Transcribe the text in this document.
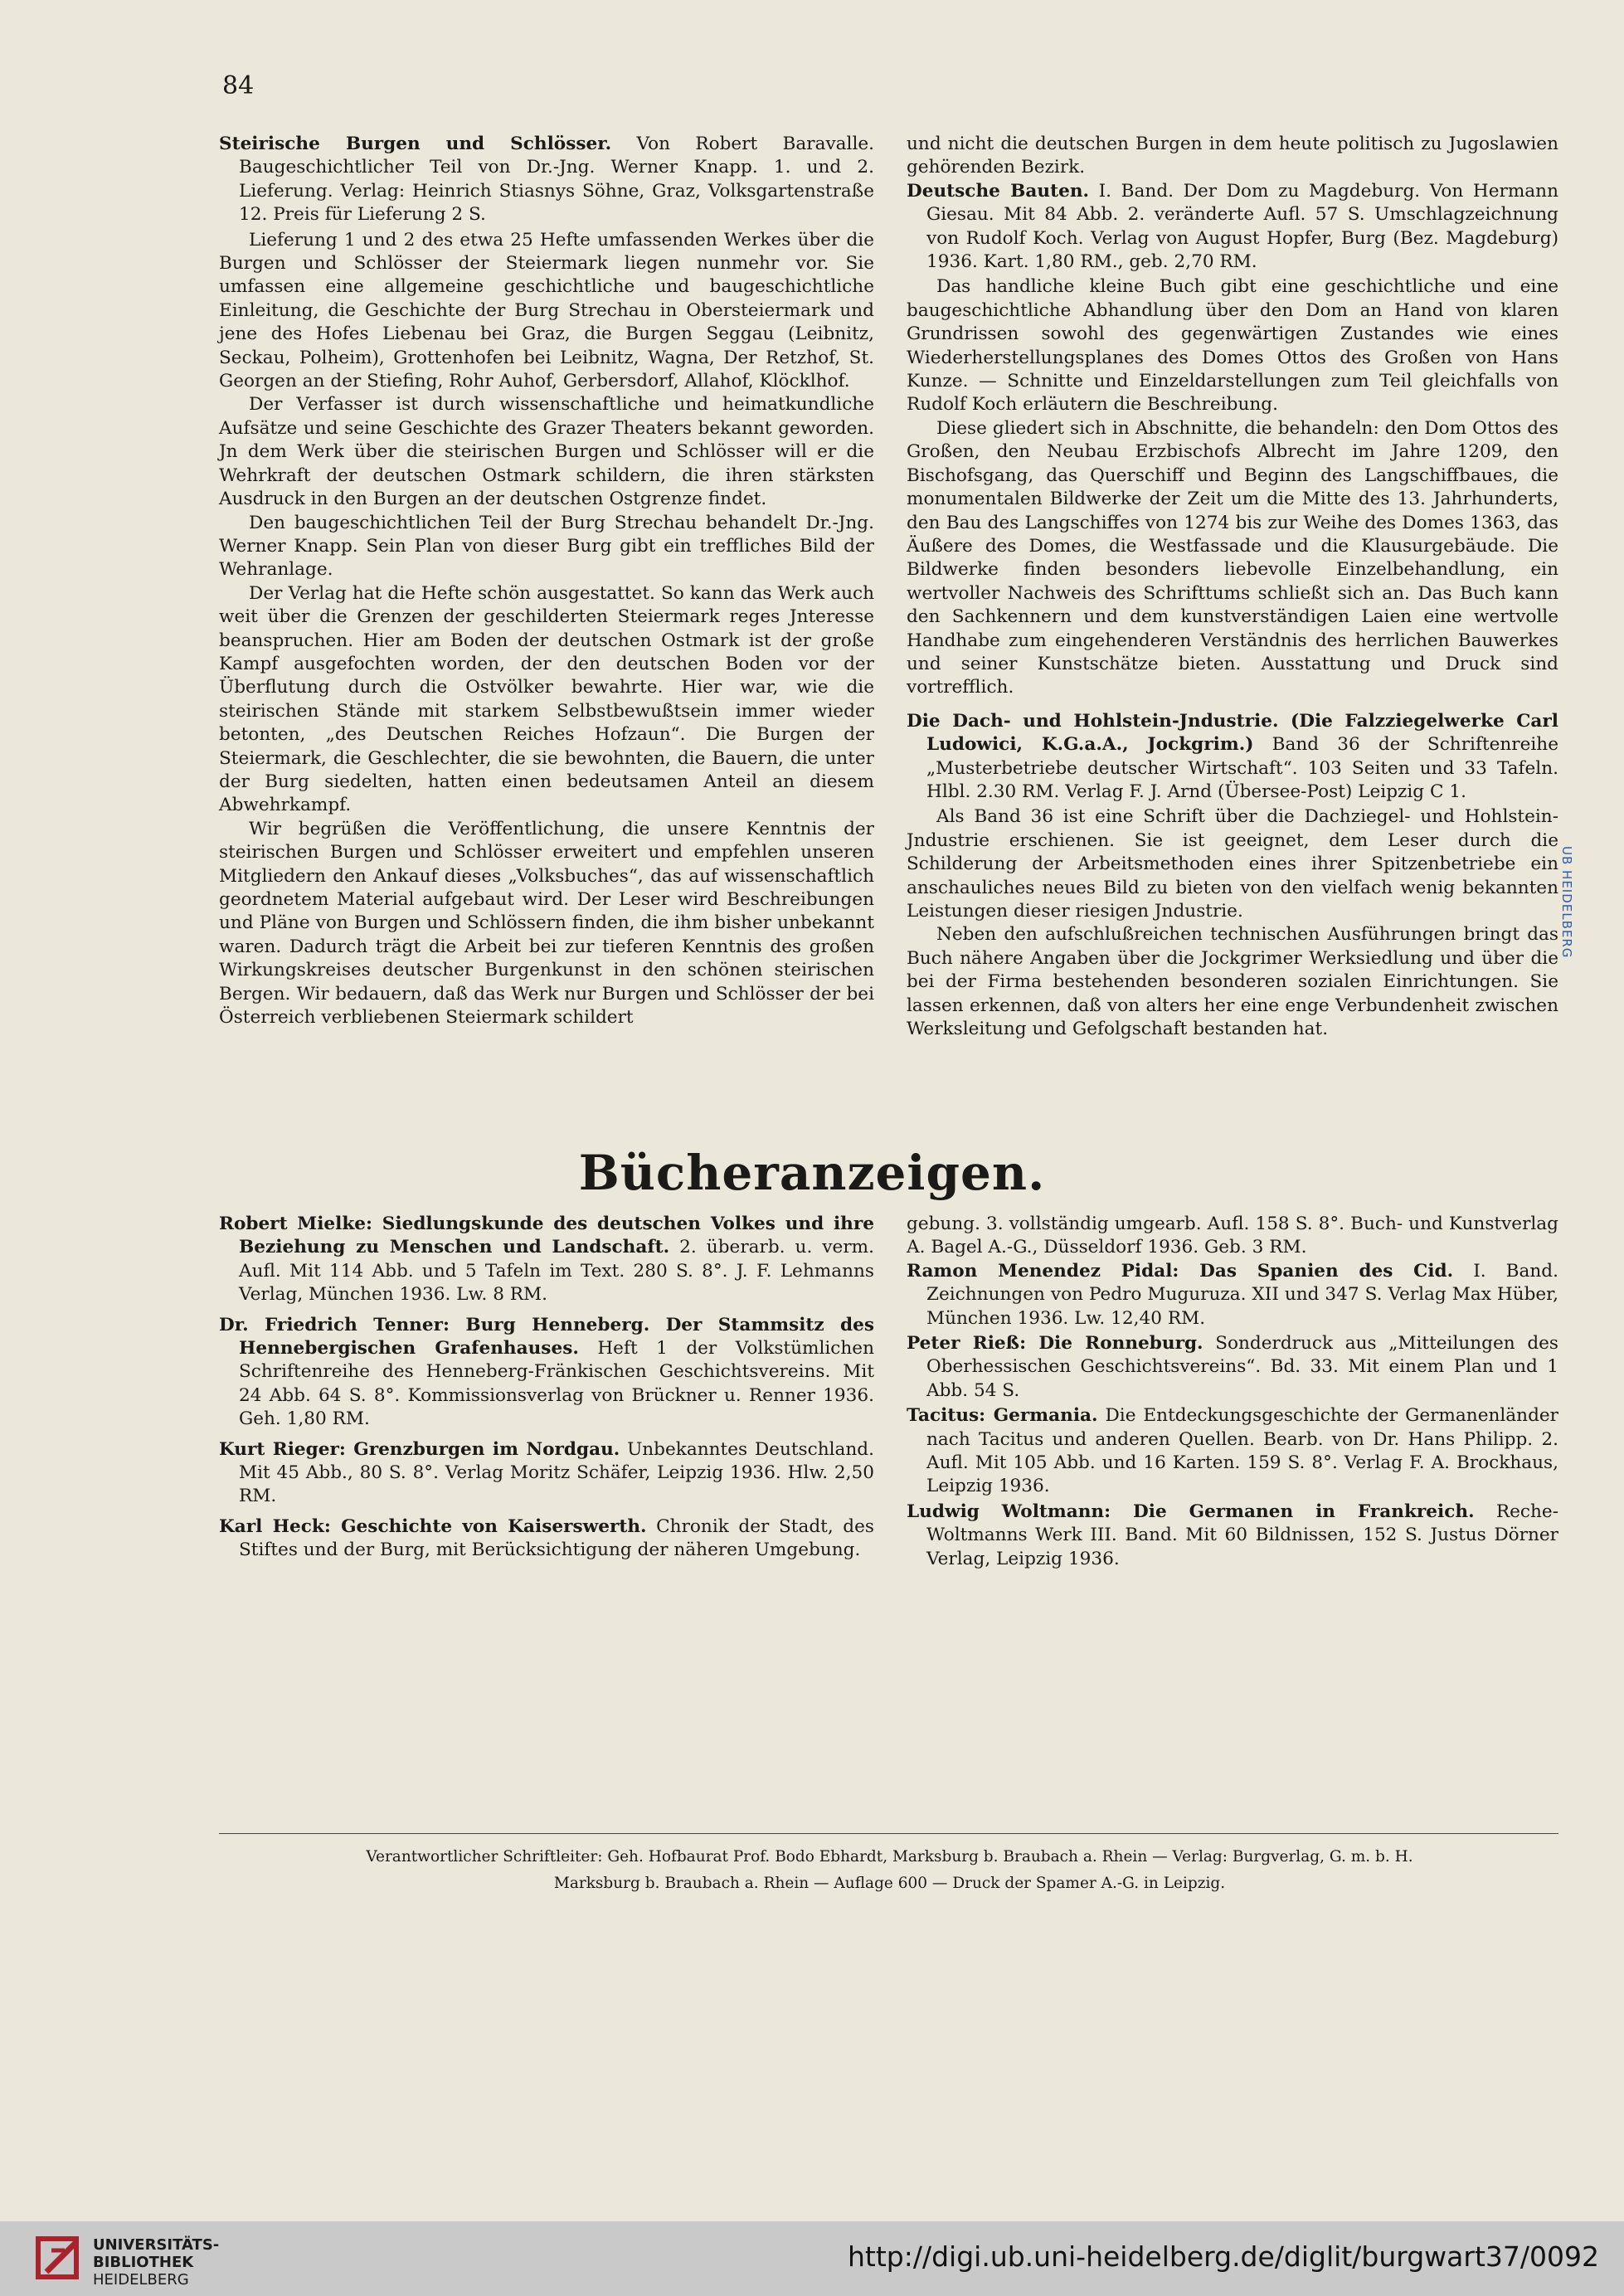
84

Steirische Burgen und Schlösser. Von Robert Baravalle. Baugeschichtlicher Teil von Dr.-Jng. Werner Knapp. 1. und 2. Lieferung. Verlag: Heinrich Stiasnys Söhne, Graz, Volksgartenstraße 12. Preis für Lieferung 2 S.

Lieferung 1 und 2 des etwa 25 Hefte umfassenden Werkes über die Burgen und Schlösser der Steiermark liegen nunmehr vor. Sie umfassen eine allgemeine geschichtliche und baugeschichtliche Einleitung, die Geschichte der Burg Strechau in Obersteiermark und jene des Hofes Liebenau bei Graz, die Burgen Seggau (Leibnitz, Seckau, Polheim), Grottenhofen bei Leibnitz, Wagna, Der Retzhof, St. Georgen an der Stiefing, Rohr Auhof, Gerbersdorf, Allahof, Klöcklhof.

Der Verfasser ist durch wissenschaftliche und heimatkundliche Aufsätze und seine Geschichte des Grazer Theaters bekannt geworden. Jn dem Werk über die steirischen Burgen und Schlösser will er die Wehrkraft der deutschen Ostmark schildern, die ihren stärksten Ausdruck in den Burgen an der deutschen Ostgrenze findet.

Den baugeschichtlichen Teil der Burg Strechau behandelt Dr.-Jng. Werner Knapp. Sein Plan von dieser Burg gibt ein treffliches Bild der Wehranlage.

Der Verlag hat die Hefte schön ausgestattet. So kann das Werk auch weit über die Grenzen der geschilderten Steiermark reges Jnteresse beanspruchen. Hier am Boden der deutschen Ostmark ist der große Kampf ausgefochten worden, der den deutschen Boden vor der Überflutung durch die Ostvölker bewahrte. Hier war, wie die steirischen Stände mit starkem Selbstbewußtsein immer wieder betonten, „des Deutschen Reiches Hofzaun“. Die Burgen der Steiermark, die Geschlechter, die sie bewohnten, die Bauern, die unter der Burg siedelten, hatten einen bedeutsamen Anteil an diesem Abwehrkampf.

Wir begrüßen die Veröffentlichung, die unsere Kenntnis der steirischen Burgen und Schlösser erweitert und empfehlen unseren Mitgliedern den Ankauf dieses „Volksbuches“, das auf wissenschaftlich geordnetem Material aufgebaut wird. Der Leser wird Beschreibungen und Pläne von Burgen und Schlössern finden, die ihm bisher unbekannt waren. Dadurch trägt die Arbeit bei zur tieferen Kenntnis des großen Wirkungskreises deutscher Burgenkunst in den schönen steirischen Bergen. Wir bedauern, daß das Werk nur Burgen und Schlösser der bei Österreich verbliebenen Steiermark schildert

und nicht die deutschen Burgen in dem heute politisch zu Jugoslawien gehörenden Bezirk.

Deutsche Bauten. I. Band. Der Dom zu Magdeburg. Von Hermann Giesau. Mit 84 Abb. 2. veränderte Aufl. 57 S. Umschlagzeichnung von Rudolf Koch. Verlag von August Hopfer, Burg (Bez. Magdeburg) 1936. Kart. 1,80 RM., geb. 2,70 RM.

Das handliche kleine Buch gibt eine geschichtliche und eine baugeschichtliche Abhandlung über den Dom an Hand von klaren Grundrissen sowohl des gegenwärtigen Zustandes wie eines Wiederherstellungsplanes des Domes Ottos des Großen von Hans Kunze. — Schnitte und Einzeldarstellungen zum Teil gleichfalls von Rudolf Koch erläutern die Beschreibung.

Diese gliedert sich in Abschnitte, die behandeln: den Dom Ottos des Großen, den Neubau Erzbischofs Albrecht im Jahre 1209, den Bischofsgang, das Querschiff und Beginn des Langschiffbaues, die monumentalen Bildwerke der Zeit um die Mitte des 13. Jahrhunderts, den Bau des Langschiffes von 1274 bis zur Weihe des Domes 1363, das Äußere des Domes, die Westfassade und die Klausurgebäude. Die Bildwerke finden besonders liebevolle Einzelbehandlung, ein wertvoller Nachweis des Schrifttums schließt sich an. Das Buch kann den Sachkennern und dem kunstverständigen Laien eine wertvolle Handhabe zum eingehenderen Verständnis des herrlichen Bauwerkes und seiner Kunstschätze bieten. Ausstattung und Druck sind vortrefflich.

Die Dach- und Hohlstein-Jndustrie. (Die Falzziegelwerke Carl Ludowici, K.G.a.A., Jockgrim.) Band 36 der Schriftenreihe „Musterbetriebe deutscher Wirtschaft“. 103 Seiten und 33 Tafeln. Hlbl. 2.30 RM. Verlag F. J. Arnd (Überseе-Post) Leipzig C 1.

Als Band 36 ist eine Schrift über die Dachziegel- und Hohlstein-Jndustrie erschienen. Sie ist geeignet, dem Leser durch die Schilderung der Arbeitsmethoden eines ihrer Spitzenbetriebe ein anschauliches neues Bild zu bieten von den vielfach wenig bekannten Leistungen dieser riesigen Jndustrie.

Neben den aufschlußreichen technischen Ausführungen bringt das Buch nähere Angaben über die Jockgrimer Werksiedlung und über die bei der Firma bestehenden besonderen sozialen Einrichtungen. Sie lassen erkennen, daß von alters her eine enge Verbundenheit zwischen Werksleitung und Gefolgschaft bestanden hat.

UB HEIDELBERG
Bücheranzeigen.

Robert Mielke: Siedlungskunde des deutschen Volkes und ihre Beziehung zu Menschen und Landschaft. 2. überarb. u. verm. Aufl. Mit 114 Abb. und 5 Tafeln im Text. 280 S. 8°. J. F. Lehmanns Verlag, München 1936. Lw. 8 RM.

Dr. Friedrich Tenner: Burg Henneberg. Der Stammsitz des Hennebergischen Grafenhauses. Heft 1 der Volkstümlichen Schriftenreihe des Henneberg-Fränkischen Geschichtsvereins. Mit 24 Abb. 64 S. 8°. Kommissionsverlag von Brückner u. Renner 1936. Geh. 1,80 RM.

Kurt Rieger: Grenzburgen im Nordgau. Unbekanntes Deutschland. Mit 45 Abb., 80 S. 8°. Verlag Moritz Schäfer, Leipzig 1936. Hlw. 2,50 RM.

Karl Heck: Geschichte von Kaiserswerth. Chronik der Stadt, des Stiftes und der Burg, mit Berücksichtigung der näheren Umgebung.

gebung. 3. vollständig umgearb. Aufl. 158 S. 8°. Buch- und Kunstverlag A. Bagel A.-G., Düsseldorf 1936. Geb. 3 RM.

Ramon Menendez Pidal: Das Spanien des Cid. I. Band. Zeichnungen von Pedro Muguruza. XII und 347 S. Verlag Max Hüber, München 1936. Lw. 12,40 RM.

Peter Rieß: Die Ronneburg. Sonderdruck aus „Mitteilungen des Oberhessischen Geschichtsvereins“. Bd. 33. Mit einem Plan und 1 Abb. 54 S.

Tacitus: Germania. Die Entdeckungsgeschichte der Germanenländer nach Tacitus und anderen Quellen. Bearb. von Dr. Hans Philipp. 2. Aufl. Mit 105 Abb. und 16 Karten. 159 S. 8°. Verlag F. A. Brockhaus, Leipzig 1936.

Ludwig Woltmann: Die Germanen in Frankreich. Reche-Woltmanns Werk III. Band. Mit 60 Bildnissen, 152 S. Justus Dörner Verlag, Leipzig 1936.

Verantwortlicher Schriftleiter: Geh. Hofbaurat Prof. Bodo Ebhardt, Marksburg b. Braubach a. Rhein — Verlag: Burgverlag, G. m. b. H.
Marksburg b. Braubach a. Rhein — Auflage 600 — Druck der Spamer A.-G. in Leipzig.
UNIVERSITÄTS-
BIBLIOTHEK
HEIDELBERG
http://digi.ub.uni-heidelberg.de/diglit/burgwart37/0092
